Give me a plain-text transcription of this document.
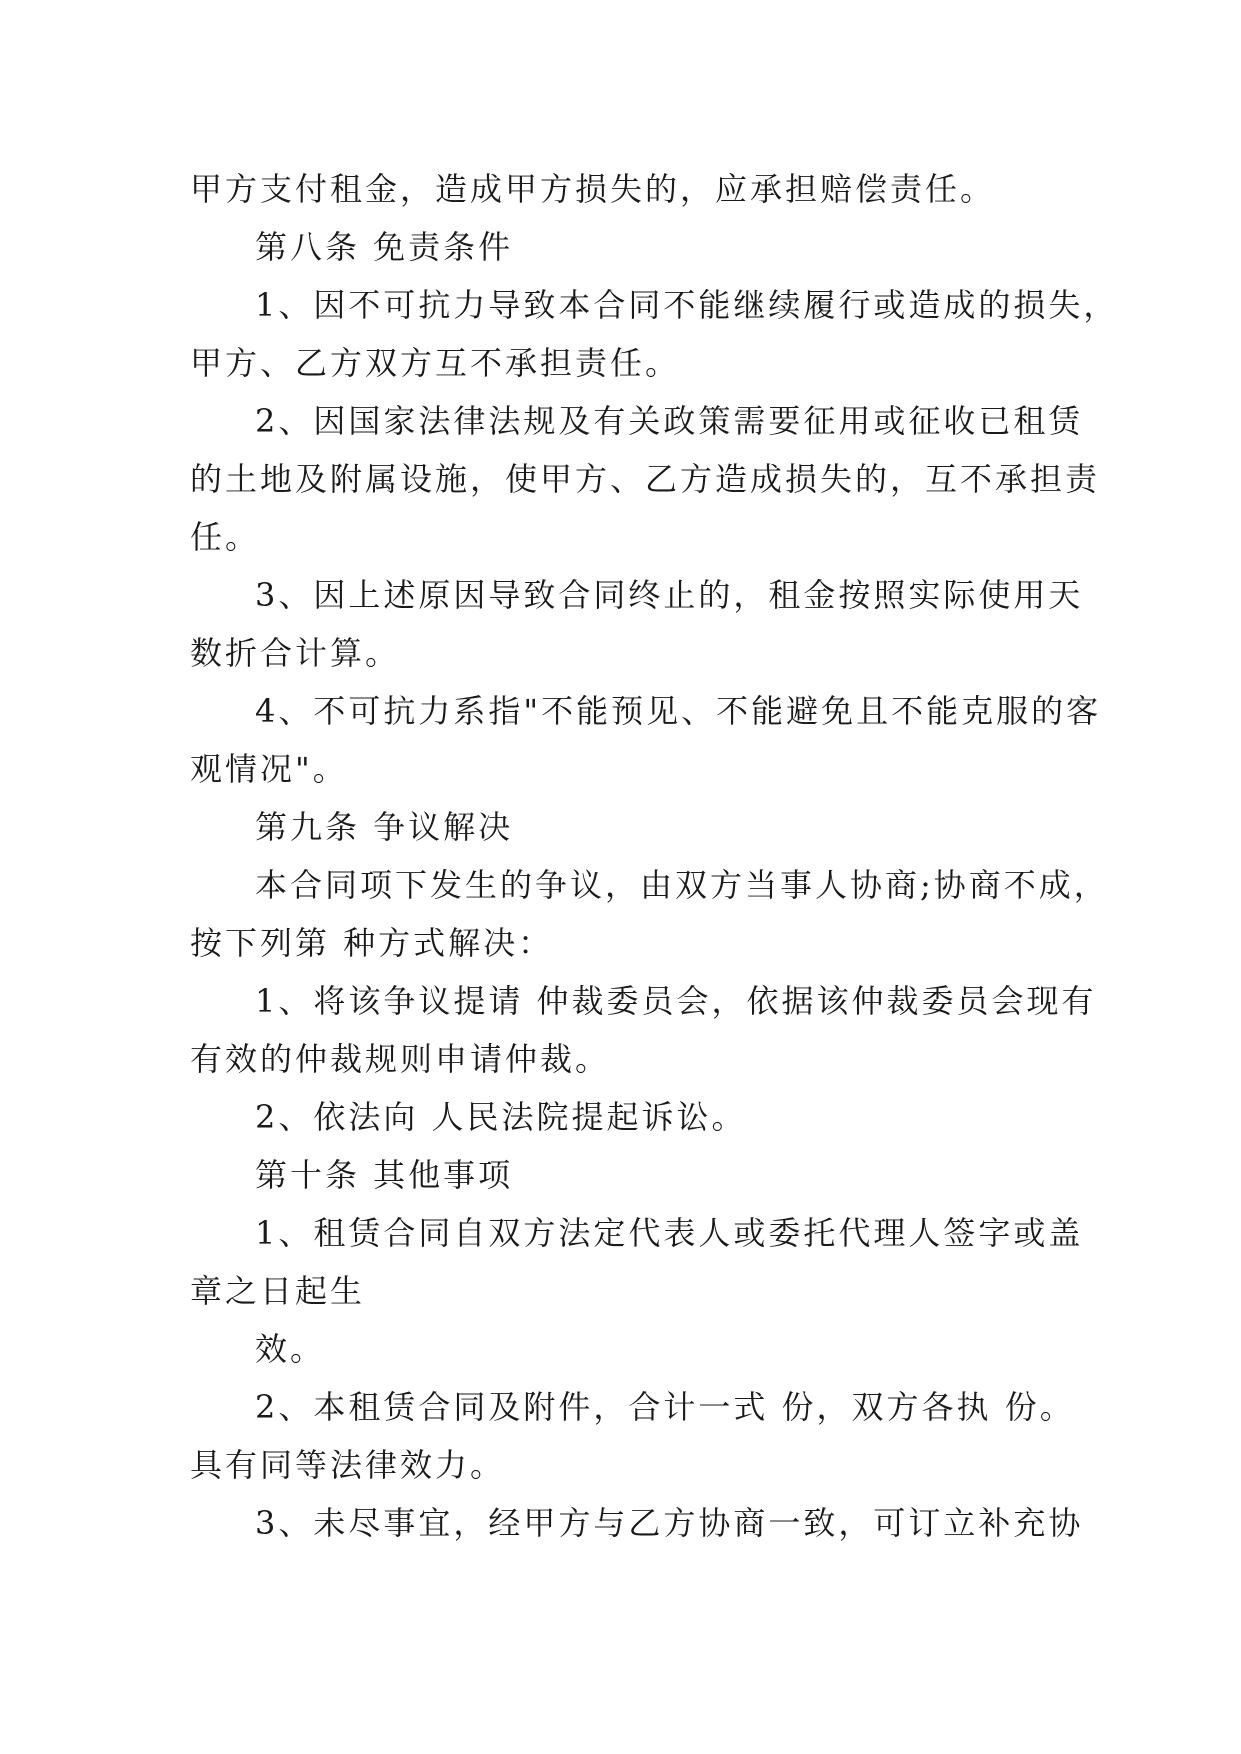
甲方支付租金，造成甲方损失的，应承担赔偿责任。
第八条 免责条件
1、因不可抗力导致本合同不能继续履行或造成的损失，
甲方、乙方双方互不承担责任。
2、因国家法律法规及有关政策需要征用或征收已租赁
的土地及附属设施，使甲方、乙方造成损失的，互不承担责
任。
3、因上述原因导致合同终止的，租金按照实际使用天
数折合计算。
4、不可抗力系指"不能预见、不能避免且不能克服的客
观情况"。
第九条 争议解决
本合同项下发生的争议，由双方当事人协商;协商不成，
按下列第 种方式解决：
1、将该争议提请 仲裁委员会，依据该仲裁委员会现有
有效的仲裁规则申请仲裁。
2、依法向 人民法院提起诉讼。
第十条 其他事项
1、租赁合同自双方法定代表人或委托代理人签字或盖
章之日起生
效。
2、本租赁合同及附件，合计一式 份，双方各执 份。
具有同等法律效力。
3、未尽事宜，经甲方与乙方协商一致，可订立补充协
